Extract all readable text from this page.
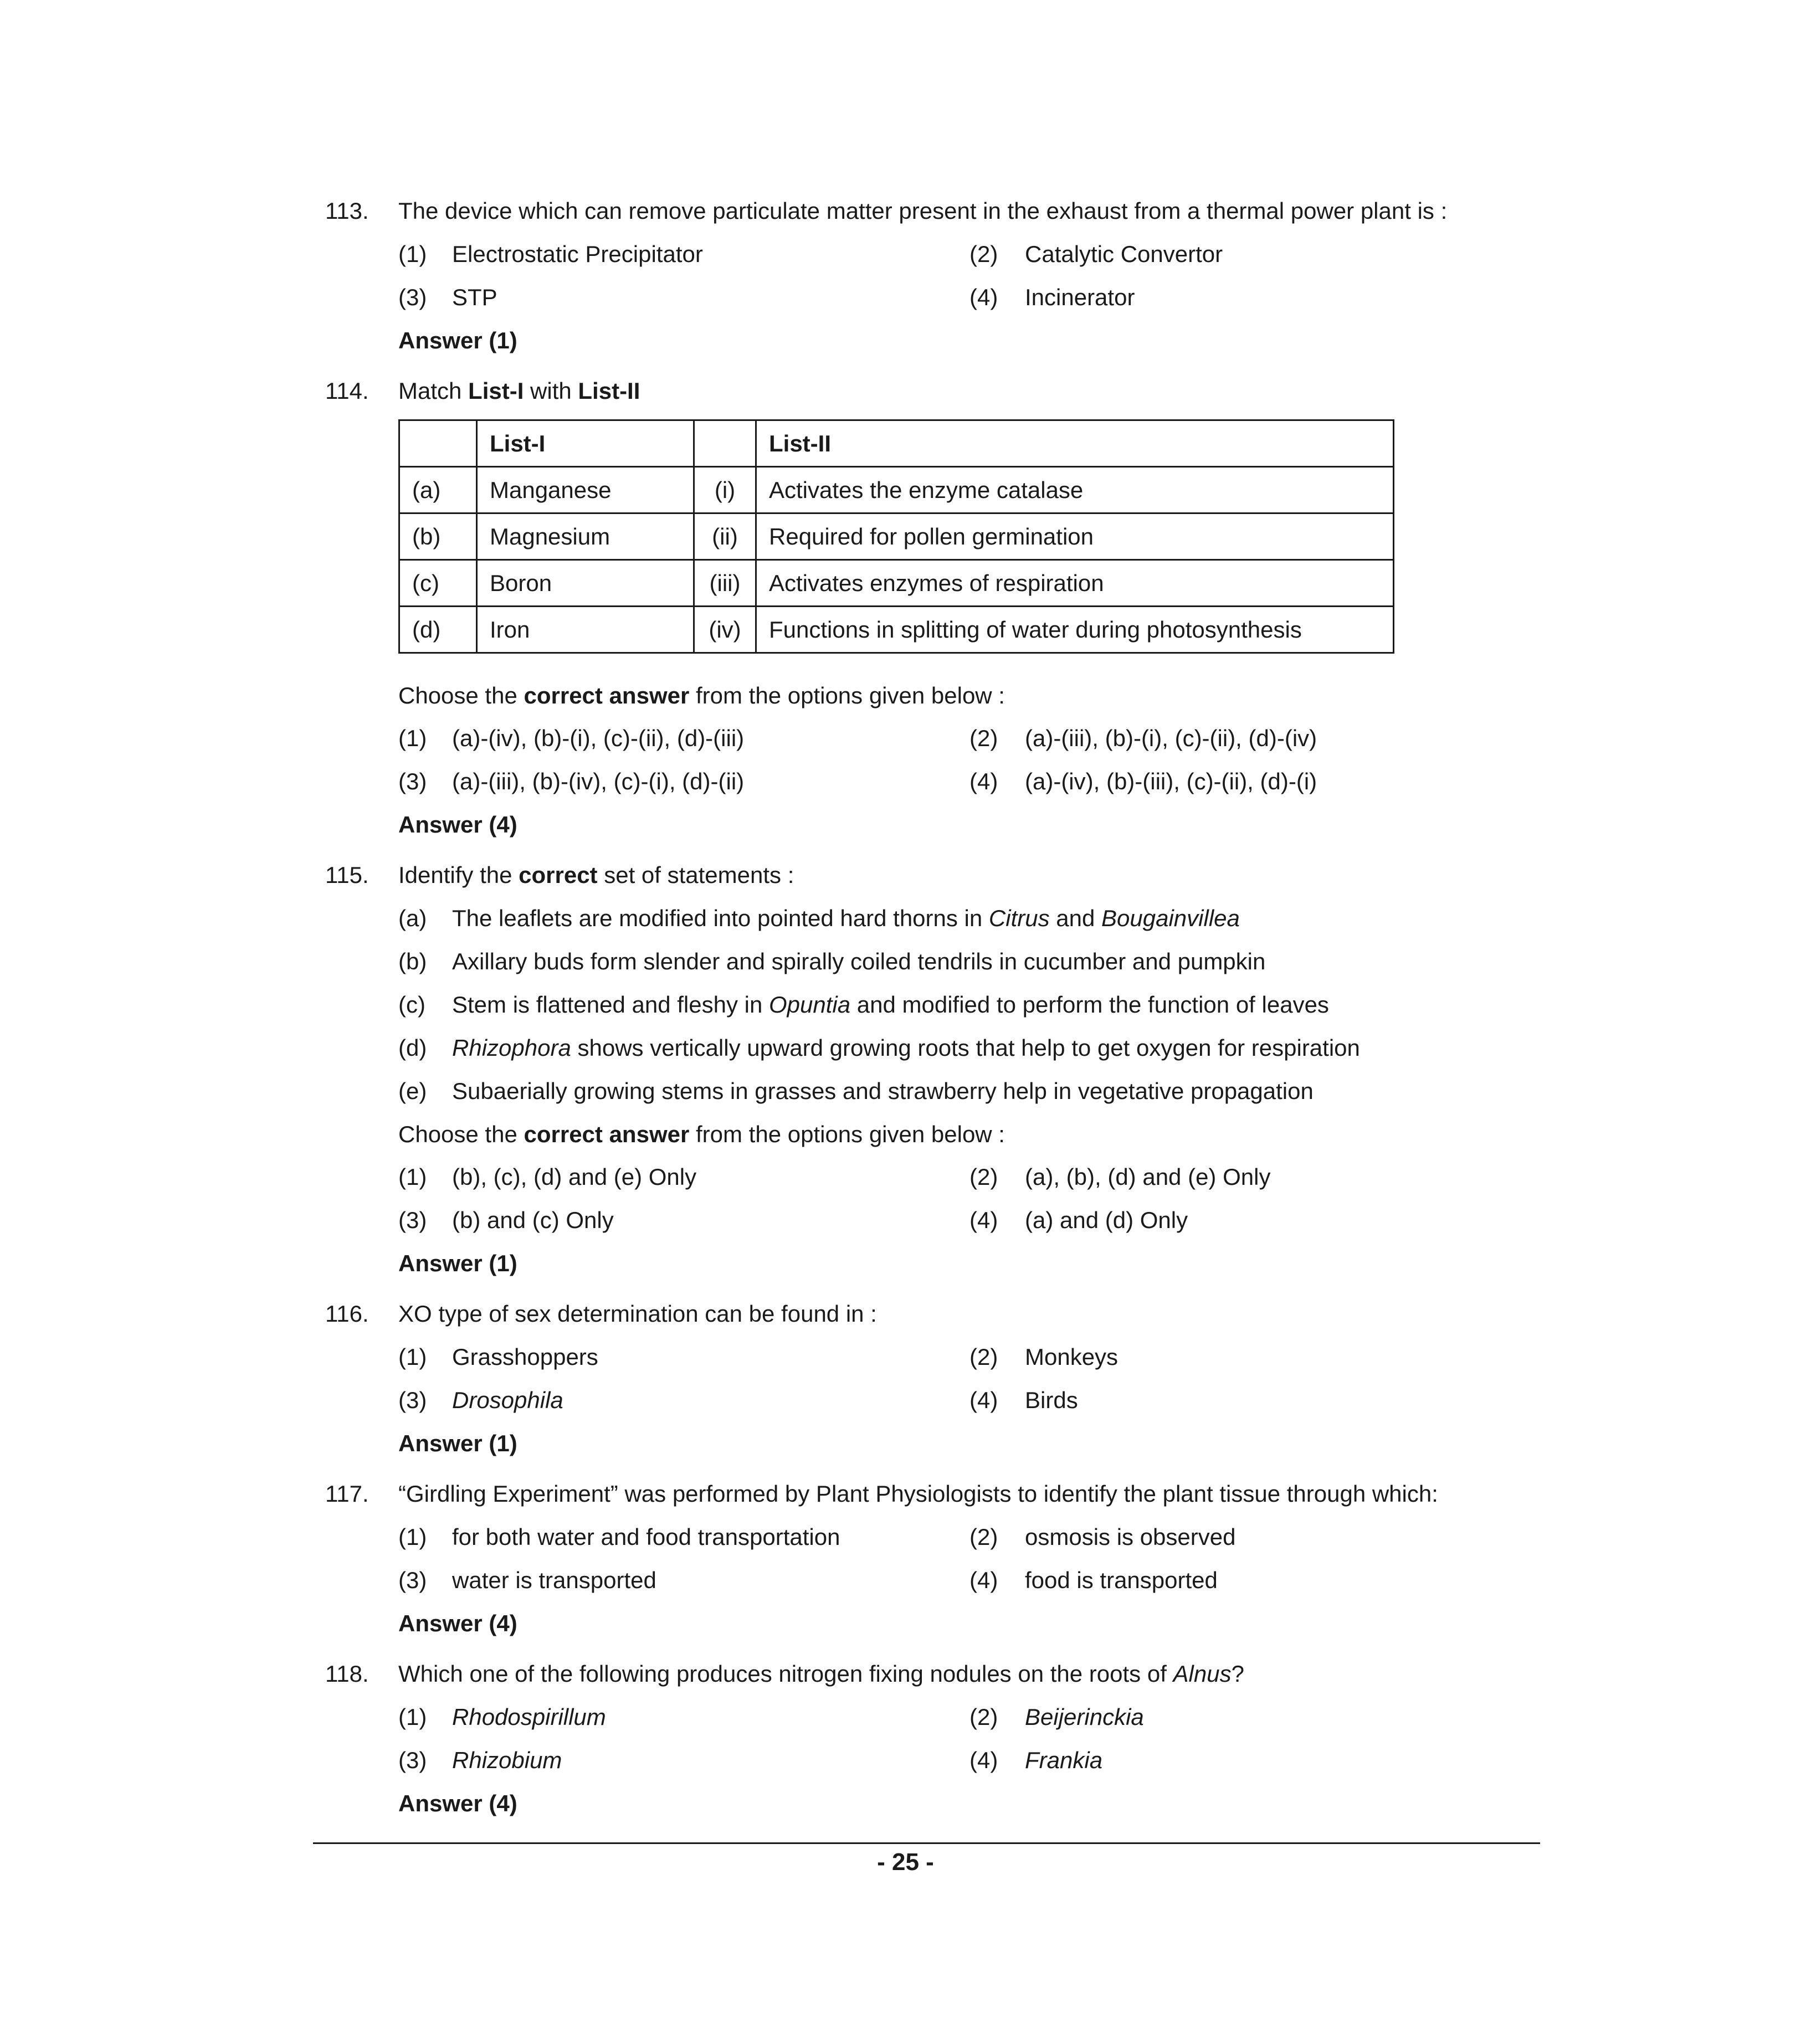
113. The device which can remove particulate matter present in the exhaust from a thermal power plant is :
(1) Electrostatic Precipitator	(2) Catalytic Convertor
(3) STP	(4) Incinerator
Answer (1)
114. Match List-I with List-II
	List-I		List-II
(a)	Manganese	(i)	Activates the enzyme catalase
(b)	Magnesium	(ii)	Required for pollen germination
(c)	Boron	(iii)	Activates enzymes of respiration
(d)	Iron	(iv)	Functions in splitting of water during photosynthesis
Choose the correct answer from the options given below :
(1) (a)-(iv), (b)-(i), (c)-(ii), (d)-(iii)	(2) (a)-(iii), (b)-(i), (c)-(ii), (d)-(iv)
(3) (a)-(iii), (b)-(iv), (c)-(i), (d)-(ii)	(4) (a)-(iv), (b)-(iii), (c)-(ii), (d)-(i)
Answer (4)
115. Identify the correct set of statements :
(a) The leaflets are modified into pointed hard thorns in Citrus and Bougainvillea
(b) Axillary buds form slender and spirally coiled tendrils in cucumber and pumpkin
(c) Stem is flattened and fleshy in Opuntia and modified to perform the function of leaves
(d) Rhizophora shows vertically upward growing roots that help to get oxygen for respiration
(e) Subaerially growing stems in grasses and strawberry help in vegetative propagation
Choose the correct answer from the options given below :
(1) (b), (c), (d) and (e) Only	(2) (a), (b), (d) and (e) Only
(3) (b) and (c) Only	(4) (a) and (d) Only
Answer (1)
116. XO type of sex determination can be found in :
(1) Grasshoppers	(2) Monkeys
(3) Drosophila	(4) Birds
Answer (1)
117. “Girdling Experiment” was performed by Plant Physiologists to identify the plant tissue through which:
(1) for both water and food transportation	(2) osmosis is observed
(3) water is transported	(4) food is transported
Answer (4)
118. Which one of the following produces nitrogen fixing nodules on the roots of Alnus?
(1) Rhodospirillum	(2) Beijerinckia
(3) Rhizobium	(4) Frankia
Answer (4)
- 25 -
